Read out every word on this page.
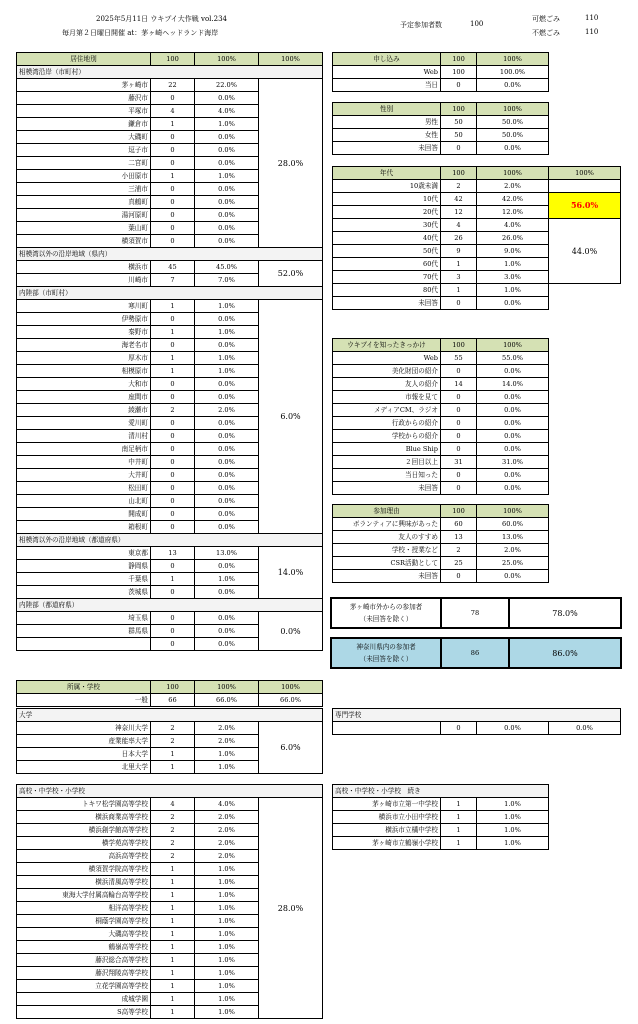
2025年5月11日 ウキプイ大作戦 vol.234
毎月第２日曜日開催 at：茅ヶ崎ヘッドランド海岸
予定参加者数	100
可燃ごみ	110
不燃ごみ	110
居住地別	100	100%	100%
相模湾沿岸（市町村）			
茅ヶ崎市	22	22.0%	28.0%
藤沢市	0	0.0%	
平塚市	4	4.0%	
鎌倉市	1	1.0%	
大磯町	0	0.0%	
逗子市	0	0.0%	
二宮町	0	0.0%	
小田原市	1	1.0%	
三浦市	0	0.0%	
真鶴町	0	0.0%	
湯河原町	0	0.0%	
葉山町	0	0.0%	
横須賀市	0	0.0%	
相模湾以外の沿岸地域（県内）			
横浜市	45	45.0%	52.0%
川崎市	7	7.0%	
内陸部（市町村）			
寒川町	1	1.0%	6.0%
伊勢原市	0	0.0%	
秦野市	1	1.0%	
海老名市	0	0.0%	
厚木市	1	1.0%	
相模原市	1	1.0%	
大和市	0	0.0%	
座間市	0	0.0%	
綾瀬市	2	2.0%	
愛川町	0	0.0%	
清川村	0	0.0%	
南足柄市	0	0.0%	
中井町	0	0.0%	
大井町	0	0.0%	
松田町	0	0.0%	
山北町	0	0.0%	
開成町	0	0.0%	
箱根町	0	0.0%	
相模湾以外の沿岸地域（都道府県）			
東京都	13	13.0%	14.0%
静岡県	0	0.0%	
千葉県	1	1.0%	
茨城県	0	0.0%	
内陸部（都道府県）			
埼玉県	0	0.0%	0.0%
群馬県	0	0.0%	
	0	0.0%	
申し込み	100	100%
Web	100	100.0%
当日	0	0.0%
性別	100	100%
男性	50	50.0%
女性	50	50.0%
未回答	0	0.0%
年代	100	100%	100%
10歳未満	2	2.0%	
10代	42	42.0%	56.0%
20代	12	12.0%	
30代	4	4.0%	44.0%
40代	26	26.0%	
50代	9	9.0%	
60代	1	1.0%	
70代	3	3.0%	
80代	1	1.0%	
未回答	0	0.0%	
ウキブイを知ったきっかけ	100	100%
Web	55	55.0%
美化財団の紹介	0	0.0%
友人の紹介	14	14.0%
市報を見て	0	0.0%
メディアCM、ラジオ	0	0.0%
行政からの紹介	0	0.0%
学校からの紹介	0	0.0%
Blue Ship	0	0.0%
２回目以上	31	31.0%
当日知った	0	0.0%
未回答	0	0.0%
参加理由	100	100%
ボランティアに興味があった	60	60.0%
友人のすすめ	13	13.0%
学校・授業など	2	2.0%
CSR活動として	25	25.0%
未回答	0	0.0%
茅ヶ崎市外からの参加者
（未回答を除く）	78	78.0%
神奈川県内の参加者
（未回答を除く）	86	86.0%
所属・学校	100	100%	100%
一般	66	66.0%	66.0%
大学			
神奈川大学	2	2.0%	6.0%
産業能率大学	2	2.0%	
日本大学	1	1.0%	
北里大学	1	1.0%	
専門学校
	0	0.0%	0.0%
高校・中学校・小学校			
トキワ松学園高等学校	4	4.0%	28.0%
横浜商業高等学校	2	2.0%	
横浜創学館高等学校	2	2.0%	
横学苑高等学校	2	2.0%	
高浜高等学校	2	2.0%	
横須賀学院高等学校	1	1.0%	
横浜清風高等学校	1	1.0%	
東海大学付属高輪台高等学校	1	1.0%	
相洋高等学校	1	1.0%	
桐蔭学園高等学校	1	1.0%	
大磯高等学校	1	1.0%	
鶴嶺高等学校	1	1.0%	
藤沢総合高等学校	1	1.0%	
藤沢翔陵高等学校	1	1.0%	
立花学園高等学校	1	1.0%	
成城学園	1	1.0%	
S高等学校	1	1.0%	
高校・中学校・小学校　続き		
茅ヶ崎市立第一中学校	1	1.0%
横浜市立小田中学校	1	1.0%
横浜市立橘中学校	1	1.0%
茅ヶ崎市立鶴嶺小学校	1	1.0%
